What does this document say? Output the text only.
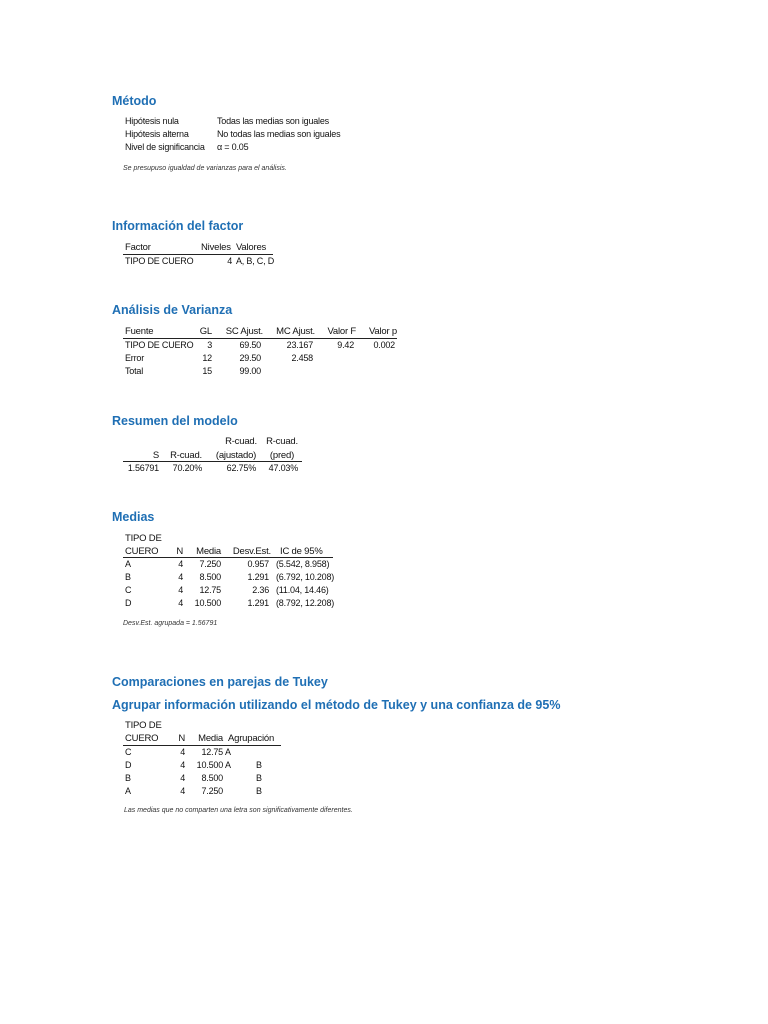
Método
Hipótesis nula	Todas las medias son iguales
Hipótesis alterna	No todas las medias son iguales
Nivel de significancia α = 0.05
Se presupuso igualdad de varianzas para el análisis.
Información del factor
Factor	Niveles Valores
TIPO DE CUERO	4 A, B, C, D
Análisis de Varianza
Fuente	GL	SC Ajust.	MC Ajust.	Valor F	Valor p
TIPO DE CUERO	3	69.50	23.167	9.42	0.002
Error	12	29.50	2.458
Total	15	99.00
Resumen del modelo
R-cuad. R-cuad.
S	R-cuad.	(ajustado)	(pred)
1.56791	70.20%	62.75%	47.03%
Medias
TIPO DE
CUERO	N	Media	Desv.Est. IC de 95%
A	4	7.250	0.957 (5.542, 8.958)
B	4	8.500	1.291 (6.792, 10.208)
C	4	12.75	2.36 (11.04, 14.46)
D	4	10.500	1.291 (8.792, 12.208)
Desv.Est. agrupada = 1.56791
Comparaciones en parejas de Tukey
Agrupar información utilizando el método de Tukey y una confianza de 95%
TIPO DE
CUERO	N	Media Agrupación
C	4	12.75 A
D	4	10.500 A	B
B	4	8.500	B
A	4	7.250	B
Las medias que no comparten una letra son significativamente diferentes.
